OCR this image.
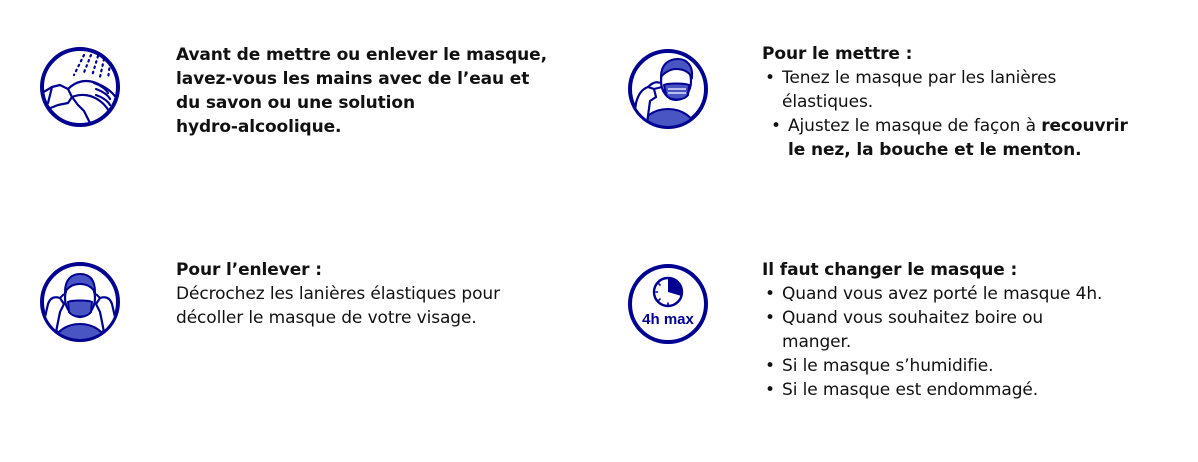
Avant de mettre ou enlever le masque,

lavez-vous les mains avec de l’eau et

du savon ou une solution

hydro-alcoolique.

Pour le mettre :
• Tenez le masque par les lanières élastiques.
• Ajustez le masque de façon à recouvrir le nez, la bouche et le menton.
Pour l’enlever :

Décrochez les lanières élastiques pour

décoller le masque de votre visage.	4h max
Il faut changer le masque :
• Quand vous avez porté le masque 4h.
• Quand vous souhaitez boire ou manger.
• Si le masque s’humidifie.
• Si le masque est endommagé.
